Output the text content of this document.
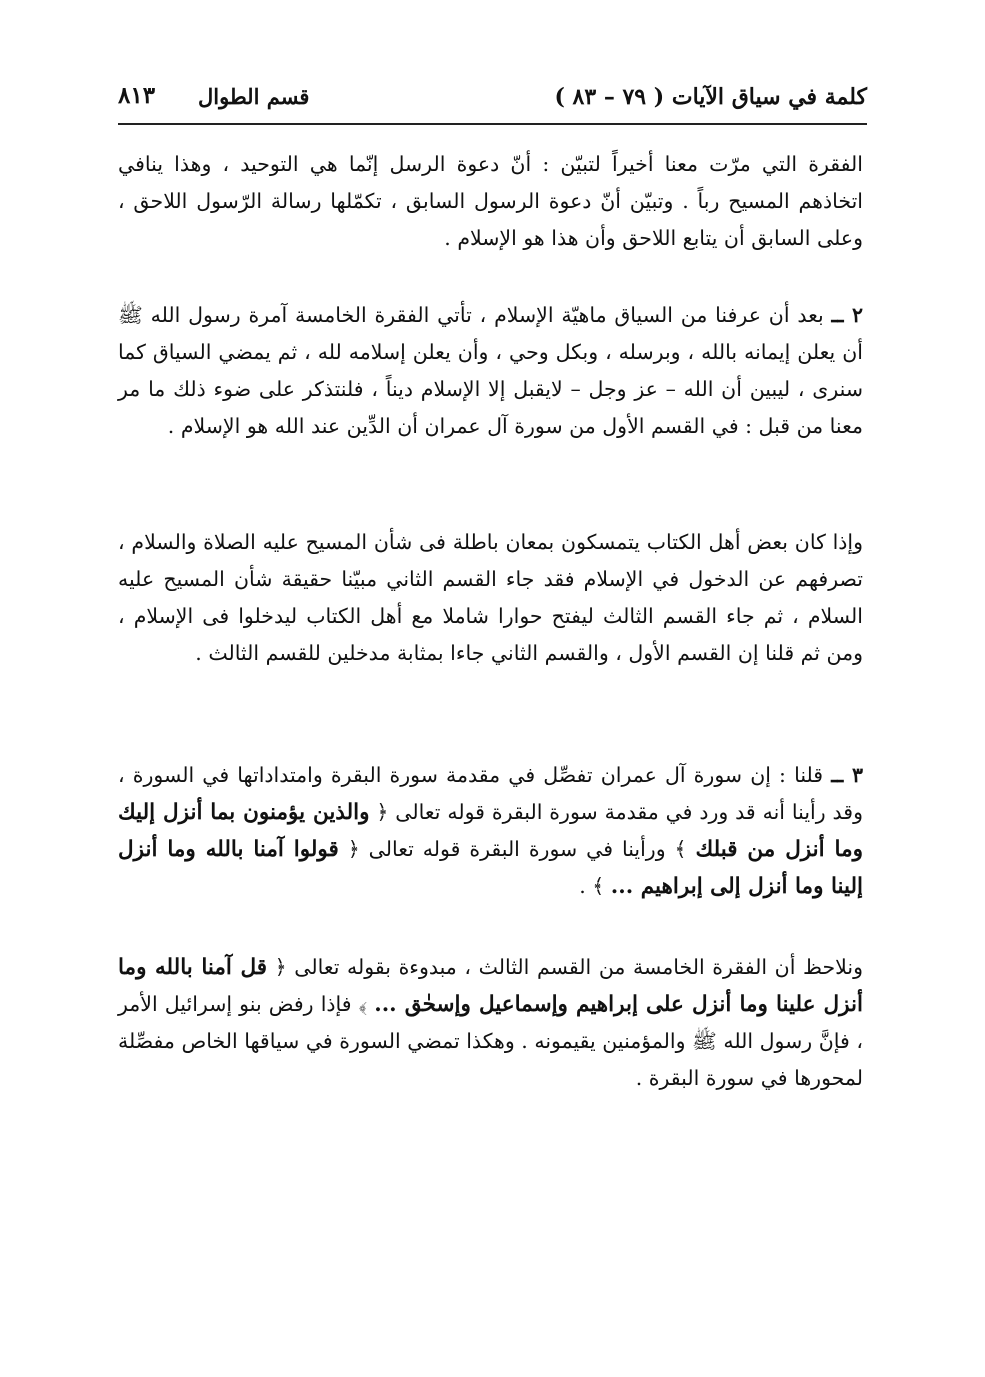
كلمة في سياق الآيات ( ٧٩ – ٨٣ )
قسم الطوال
٨١٣

الفقرة التي مرّت معنا أخيراً لتبيّن : أنّ دعوة الرسل إنّما هي التوحيد ، وهذا ينافي اتخاذهم المسيح رباً . وتبيّن أنّ دعوة الرسول السابق ، تكمّلها رسالة الرّسول اللاحق ، وعلى السابق أن يتابع اللاحق وأن هذا هو الإسلام .

٢ ــ بعد أن عرفنا من السياق ماهيّة الإسلام ، تأتي الفقرة الخامسة آمرة رسول الله ﷺ أن يعلن إيمانه بالله ، وبرسله ، وبكل وحي ، وأن يعلن إسلامه لله ، ثم يمضي السياق كما سنرى ، ليبين أن الله – عز وجل – لايقبل إلا الإسلام ديناً ، فلنتذكر على ضوء ذلك ما مر معنا من قبل : في القسم الأول من سورة آل عمران أن الدِّين عند الله هو الإسلام .

وإذا كان بعض أهل الكتاب يتمسكون بمعان باطلة فى شأن المسيح عليه الصلاة والسلام ، تصرفهم عن الدخول في الإسلام فقد جاء القسم الثاني مبيّنا حقيقة شأن المسيح عليه السلام ، ثم جاء القسم الثالث ليفتح حوارا شاملا مع أهل الكتاب ليدخلوا فى الإسلام ، ومن ثم قلنا إن القسم الأول ، والقسم الثاني جاءا بمثابة مدخلين للقسم الثالث .

٣ ــ قلنا : إن سورة آل عمران تفصِّل في مقدمة سورة البقرة وامتداداتها في السورة ، وقد رأينا أنه قد ورد في مقدمة سورة البقرة قوله تعالى ﴿ والذين يؤمنون بما أنزل إليك وما أنزل من قبلك ﴾ ورأينا في سورة البقرة قوله تعالى ﴿ قولوا آمنا بالله وما أنزل إلينا وما أنزل إلى إبراهيم ... ﴾ .

ونلاحظ أن الفقرة الخامسة من القسم الثالث ، مبدوءة بقوله تعالى ﴿ قل آمنا بالله وما أنزل علينا وما أنزل على إبراهيم وإسماعيل وإسحٰق ... ﴾ فإذا رفض بنو إسرائيل الأمر ، فإنَّ رسول الله ﷺ والمؤمنين يقيمونه . وهكذا تمضي السورة في سياقها الخاص مفصِّلة لمحورها في سورة البقرة .
